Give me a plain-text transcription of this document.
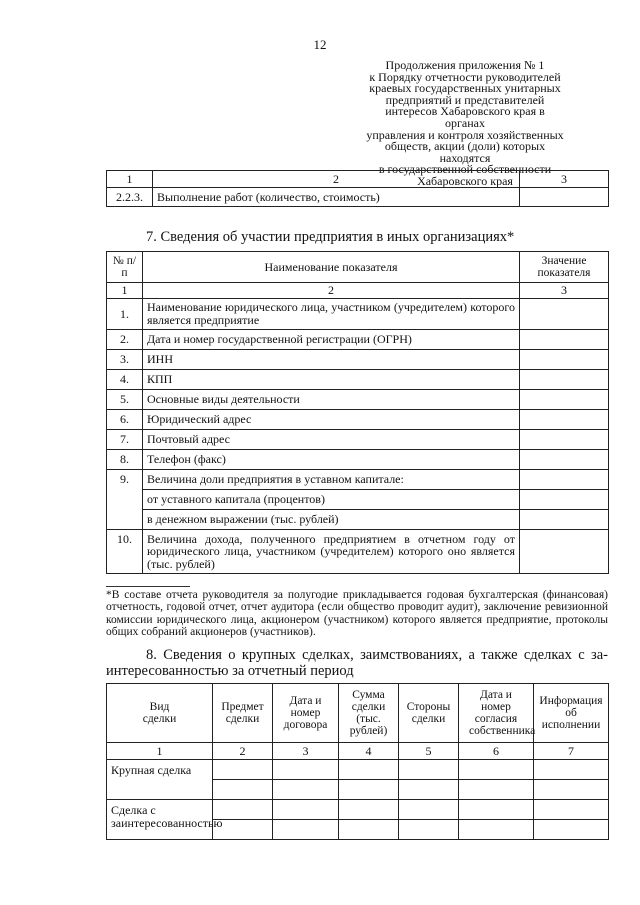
12
Продолжения приложения № 1
к Порядку отчетности руководителей
краевых государственных унитарных
предприятий и представителей
интересов Хабаровского края в органах
управления и контроля хозяйственных
обществ, акции (доли) которых находятся
в государственной собственности
Хабаровского края
1	2	3
2.2.3.	Выполнение работ (количество, стоимость)	
7. Сведения об участии предприятия в иных организациях*
№ п/п	Наименование показателя	Значение показателя
1	2	3
1.	Наименование юридического лица, участником (учредителем) которого является предприятие	
2.	Дата и номер государственной регистрации (ОГРН)	
3.	ИНН	
4.	КПП	
5.	Основные виды деятельности	
6.	Юридический адрес	
7.	Почтовый адрес	
8.	Телефон (факс)	
9.	Величина доли предприятия в уставном капитале:	
	от уставного капитала (процентов)	
	в денежном выражении (тыс. рублей)	
10.	Величина дохода, полученного предприятием в отчетном году от юридического лица, участником (учредителем) которого оно является (тыс. рублей)	
*В составе отчета руководителя за полугодие прикладывается годовая бухгалтерская (финансовая) отчетность, годовой отчет, отчет аудитора (если общество проводит аудит), заключение ревизионной комиссии юридического лица, акционером (участником) которого является предприятие, протоколы общих собраний акционеров (участников).
8. Сведения о крупных сделках, заимствованиях, а также сделках с за-
интересованностью за отчетный период
Вид сделки	Предмет сделки	Дата и номер договора	Сумма сделки (тыс. рублей)	Стороны сделки	Дата и номер согласия собственника	Информация об исполнении
1	2	3	4	5	6	7
Крупная сделка						

Сделка с заинтересованностью						
